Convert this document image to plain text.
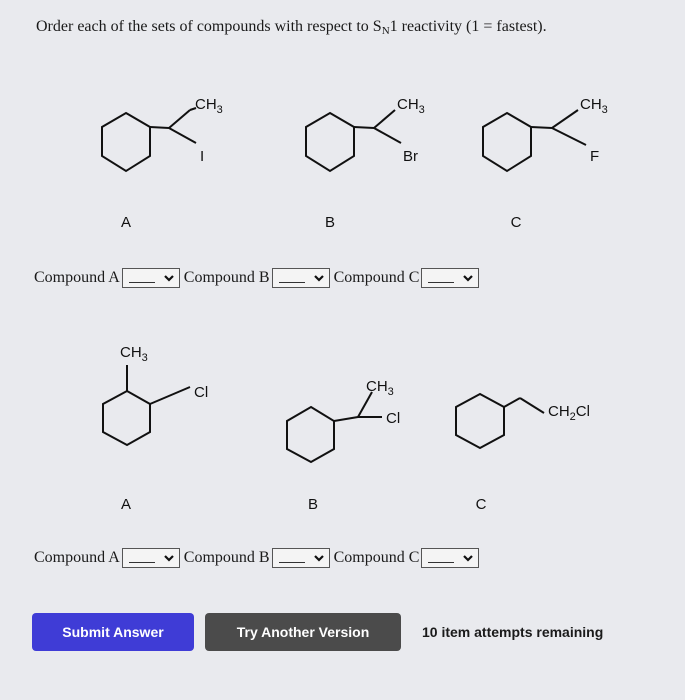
Order each of the sets of compounds with respect to $S_N1$ reactivity (1 = fastest).
$CH_3$
I
$CH_3$
Br
$CH_3$
F
A	B	C
Compound A	Compound B	Compound C
$CH_3$
Cl	$CH_3$
Cl	$CH_2Cl$
A	B	C
Compound A	Compound B	Compound C
Submit Answer	Try Another Version	10 item attempts remaining
